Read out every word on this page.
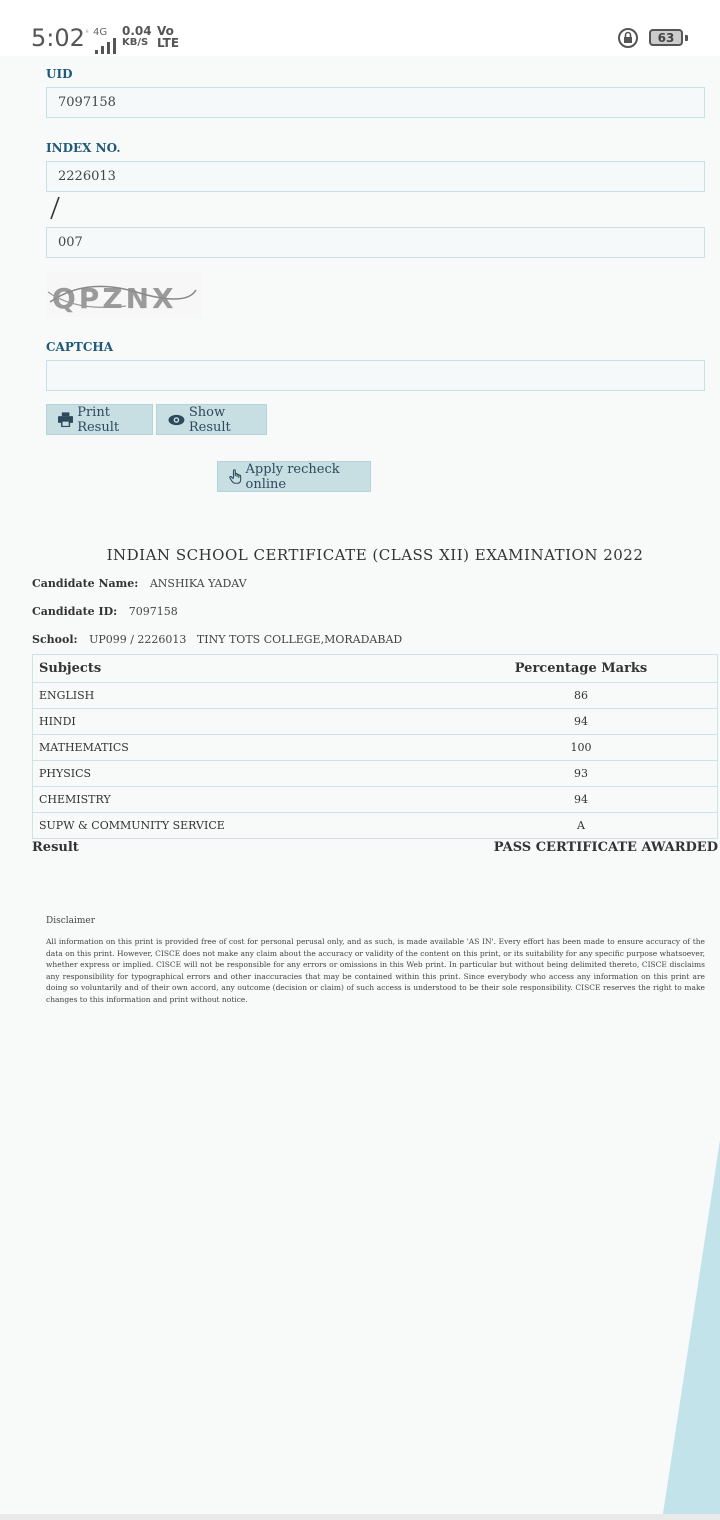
5:02 ⁱⁱ 4G 0.04
KB/S
Vo
LTE	63
UID
7097158
INDEX NO.
2226013
007
QPZNX
CAPTCHA
Print Result
Show Result
Apply recheck online
INDIAN SCHOOL CERTIFICATE (CLASS XII) EXAMINATION 2022
Candidate Name: ANSHIKA YADAV
Candidate ID: 7097158
School: UP099 / 2226013   TINY TOTS COLLEGE,MORADABAD
Subjects	Percentage Marks
ENGLISH	86
HINDI	94
MATHEMATICS	100
PHYSICS	93
CHEMISTRY	94
SUPW & COMMUNITY SERVICE	A
Result	PASS CERTIFICATE AWARDED
Disclaimer
All information on this print is provided free of cost for personal perusal only, and as such, is made available 'AS IN'. Every effort has been made to ensure accuracy of the data on this print. However, CISCE does not make any claim about the accuracy or validity of the content on this print, or its suitability for any specific purpose whatsoever, whether express or implied. CISCE will not be responsible for any errors or omissions in this Web print. In particular but without being delimited thereto, CISCE disclaims any responsibility for typographical errors and other inaccuracies that may be contained within this print. Since everybody who access any information on this print are doing so voluntarily and of their own accord, any outcome (decision or claim) of such access is understood to be their sole responsibility. CISCE reserves the right to make changes to this information and print without notice.
